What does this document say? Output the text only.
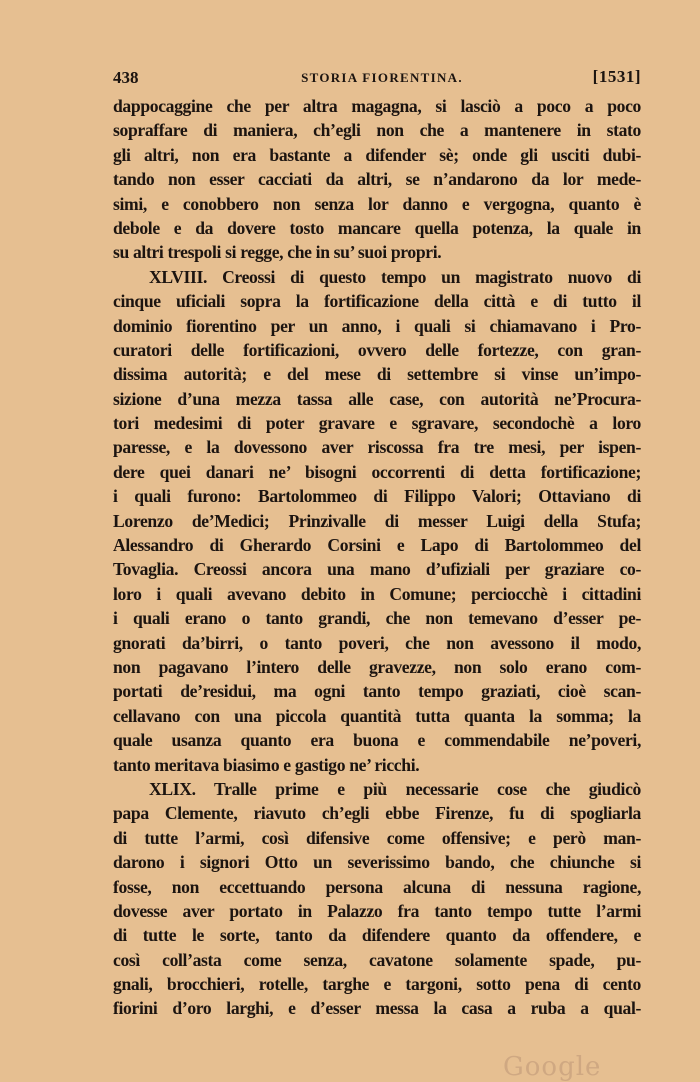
438	STORIA FIORENTINA.	[1531]
dappocaggine che per altra magagna, si lasciò a poco a poco
sopraffare di maniera, ch’egli non che a mantenere in stato
gli altri, non era bastante a difender sè; onde gli usciti dubi-
tando non esser cacciati da altri, se n’andarono da lor mede-
simi, e conobbero non senza lor danno e vergogna, quanto è
debole e da dovere tosto mancare quella potenza, la quale in
su altri trespoli si regge, che in su’ suoi propri.
XLVIII. Creossi di questo tempo un magistrato nuovo di
cinque uficiali sopra la fortificazione della città e di tutto il
dominio fiorentino per un anno, i quali si chiamavano i Pro-
curatori delle fortificazioni, ovvero delle fortezze, con gran-
dissima autorità; e del mese di settembre si vinse un’impo-
sizione d’una mezza tassa alle case, con autorità ne’Procura-
tori medesimi di poter gravare e sgravare, secondochè a loro
paresse, e la dovessono aver riscossa fra tre mesi, per ispen-
dere quei danari ne’ bisogni occorrenti di detta fortificazione;
i quali furono: Bartolommeo di Filippo Valori; Ottaviano di
Lorenzo de’Medici; Prinzivalle di messer Luigi della Stufa;
Alessandro di Gherardo Corsini e Lapo di Bartolommeo del
Tovaglia. Creossi ancora una mano d’ufiziali per graziare co-
loro i quali avevano debito in Comune; perciocchè i cittadini
i quali erano o tanto grandi, che non temevano d’esser pe-
gnorati da’birri, o tanto poveri, che non avessono il modo,
non pagavano l’intero delle gravezze, non solo erano com-
portati de’residui, ma ogni tanto tempo graziati, cioè scan-
cellavano con una piccola quantità tutta quanta la somma; la
quale usanza quanto era buona e commendabile ne’poveri,
tanto meritava biasimo e gastigo ne’ ricchi.
XLIX. Tralle prime e più necessarie cose che giudicò
papa Clemente, riavuto ch’egli ebbe Firenze, fu di spogliarla
di tutte l’armi, così difensive come offensive; e però man-
darono i signori Otto un severissimo bando, che chiunche si
fosse, non eccettuando persona alcuna di nessuna ragione,
dovesse aver portato in Palazzo fra tanto tempo tutte l’armi
di tutte le sorte, tanto da difendere quanto da offendere, e
così coll’asta come senza, cavatone solamente spade, pu-
gnali, brocchieri, rotelle, targhe e targoni, sotto pena di cento
fiorini d’oro larghi, e d’esser messa la casa a ruba a qual-
Google
